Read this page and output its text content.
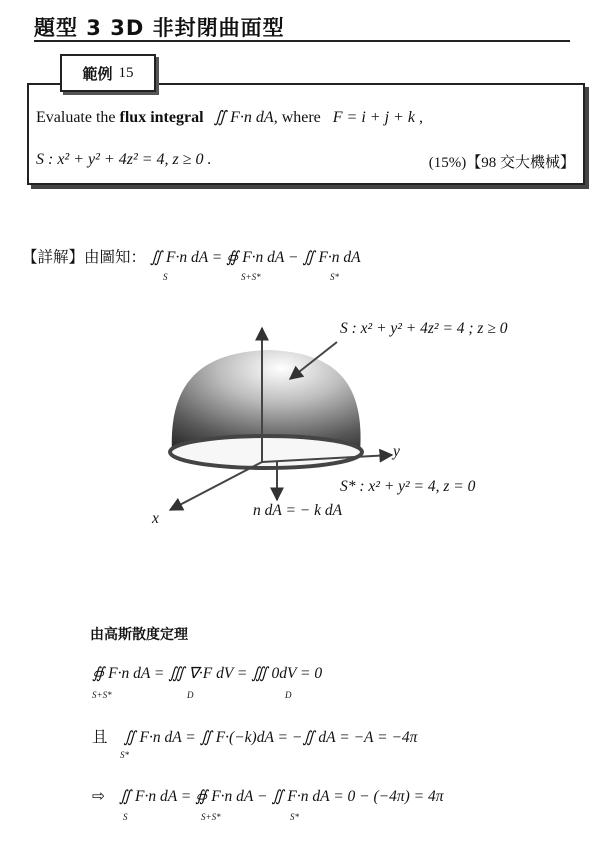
題型 3 3D 非封閉曲面型
Evaluate the flux integral ∬ F·n dA, where F = i + j + k ,
S : x² + y² + 4z² = 4, z ≥ 0 .	(15%)【98 交大機械】
範例 15
【詳解】由圖知： ∬ F·n dA = ∯ F·n dA − ∬ F·n dA
S	S+S*	S*
S : x² + y² + 4z² = 4 ; z ≥ 0
S* : x² + y² = 4, z = 0
n dA = − k dA
y
x
由高斯散度定理
∯ F·n dA = ∭ ∇·F dV = ∭ 0dV = 0
S+S*	D	D
且 ∬ F·n dA = ∬ F·(−k)dA = −∬ dA = −A = −4π
S*
⇨ ∬ F·n dA = ∯ F·n dA − ∬ F·n dA = 0 − (−4π) = 4π
S	S+S*	S*
